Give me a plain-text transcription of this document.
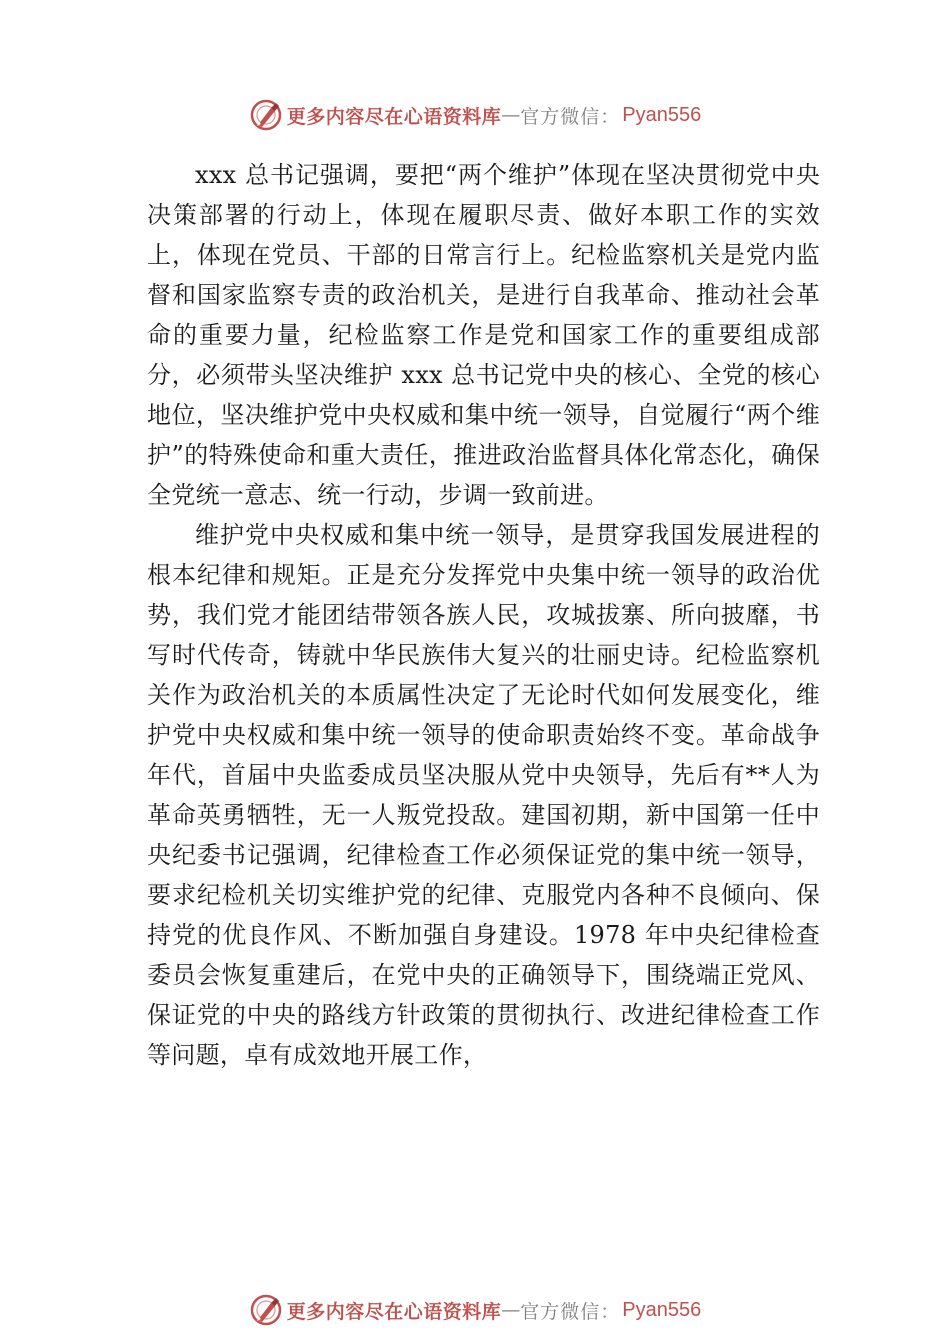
更多内容尽在心语资料库 — 官方微信： Pyan556

xxx 总书记强调，要把“两个维护”体现在坚决贯彻党中央决策部署的行动上，体现在履职尽责、做好本职工作的实效上，体现在党员、干部的日常言行上。纪检监察机关是党内监督和国家监察专责的政治机关，是进行自我革命、推动社会革命的重要力量，纪检监察工作是党和国家工作的重要组成部分，必须带头坚决维护 xxx 总书记党中央的核心、全党的核心地位，坚决维护党中央权威和集中统一领导，自觉履行“两个维护”的特殊使命和重大责任，推进政治监督具体化常态化，确保全党统一意志、统一行动，步调一致前进。

维护党中央权威和集中统一领导，是贯穿我国发展进程的根本纪律和规矩。正是充分发挥党中央集中统一领导的政治优势，我们党才能团结带领各族人民，攻城拔寨、所向披靡，书写时代传奇，铸就中华民族伟大复兴的壮丽史诗。纪检监察机关作为政治机关的本质属性决定了无论时代如何发展变化，维护党中央权威和集中统一领导的使命职责始终不变。革命战争年代，首届中央监委成员坚决服从党中央领导，先后有**人为革命英勇牺牲，无一人叛党投敌。建国初期，新中国第一任中央纪委书记强调，纪律检查工作必须保证党的集中统一领导，要求纪检机关切实维护党的纪律、克服党内各种不良倾向、保持党的优良作风、不断加强自身建设。1978 年中央纪律检查委员会恢复重建后，在党中央的正确领导下，围绕端正党风、保证党的中央的路线方针政策的贯彻执行、改进纪律检查工作等问题，卓有成效地开展工作，

更多内容尽在心语资料库 — 官方微信： Pyan556
